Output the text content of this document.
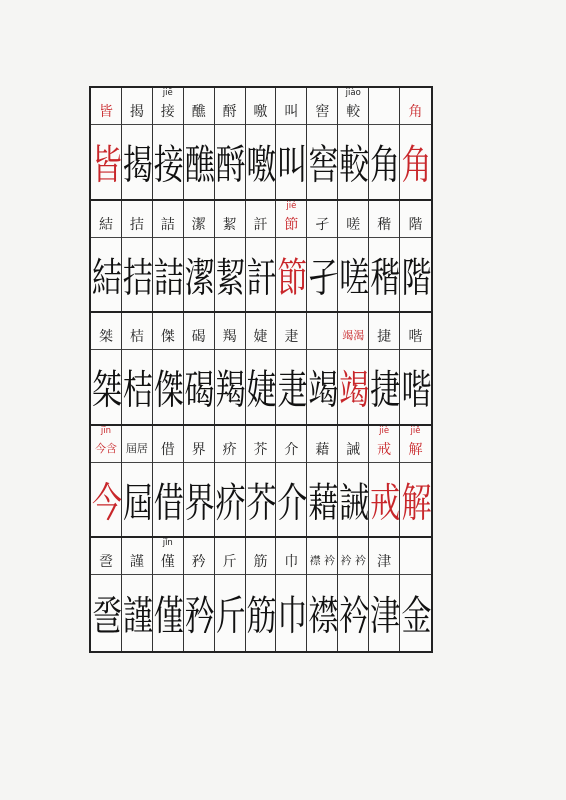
皆
皆
揭
揭
jiē
接
接
醮
醮
酹
酹
噭
噭
叫
叫
窖
窖
jiào
較
較 角
角
角
結
結
拮
拮
詰
詰
潔
潔
絜
絜
訐
訐
jié
節
節
孑
孑
嗟
嗟
稭
稭
階
階
桀
桀
桔
桔
傑
傑
碣
碣
羯
羯
婕
婕
疌
疌 竭
竭渴
竭
捷
捷
喈
喈
jīn
今含
今
屆居
屆
借
借
界
界
疥
疥
芥
芥
介
介
藉
藉
誡
誡
jiè
戒
戒
jiě
解
解
巹
巹
謹
謹
jǐn
僅
僅
矜
矜
斤
斤
筋
筋
巾
巾
襟 衿
襟
衿 衿
衿
津
津 金
